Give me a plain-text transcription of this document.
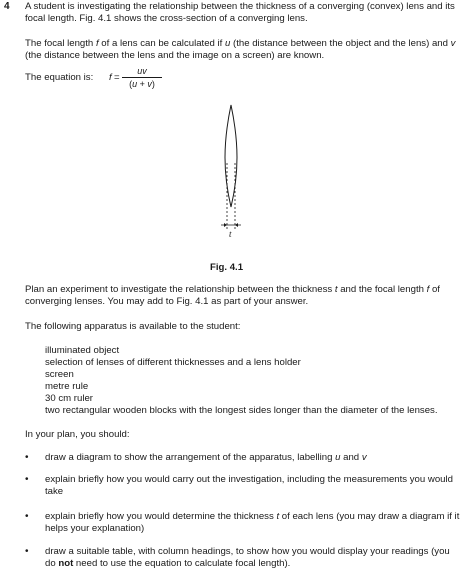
4 A student is investigating the relationship between the thickness of a converging (convex) lens and its focal length. Fig. 4.1 shows the cross-section of a converging lens.
The focal length f of a lens can be calculated if u (the distance between the object and the lens) and v (the distance between the lens and the image on a screen) are known.
The equation is: f =
uv
(u + v)
t
Fig. 4.1
Plan an experiment to investigate the relationship between the thickness t and the focal length f of converging lenses. You may add to Fig. 4.1 as part of your answer.
The following apparatus is available to the student:
illuminated object
selection of lenses of different thicknesses and a lens holder
screen
metre rule
30 cm ruler
two rectangular wooden blocks with the longest sides longer than the diameter of the lenses.
In your plan, you should:
• draw a diagram to show the arrangement of the apparatus, labelling u and v
• explain briefly how you would carry out the investigation, including the measurements you would take
• explain briefly how you would determine the thickness t of each lens (you may draw a diagram if it helps your explanation)
• draw a suitable table, with column headings, to show how you would display your readings (you do not need to use the equation to calculate focal length).
